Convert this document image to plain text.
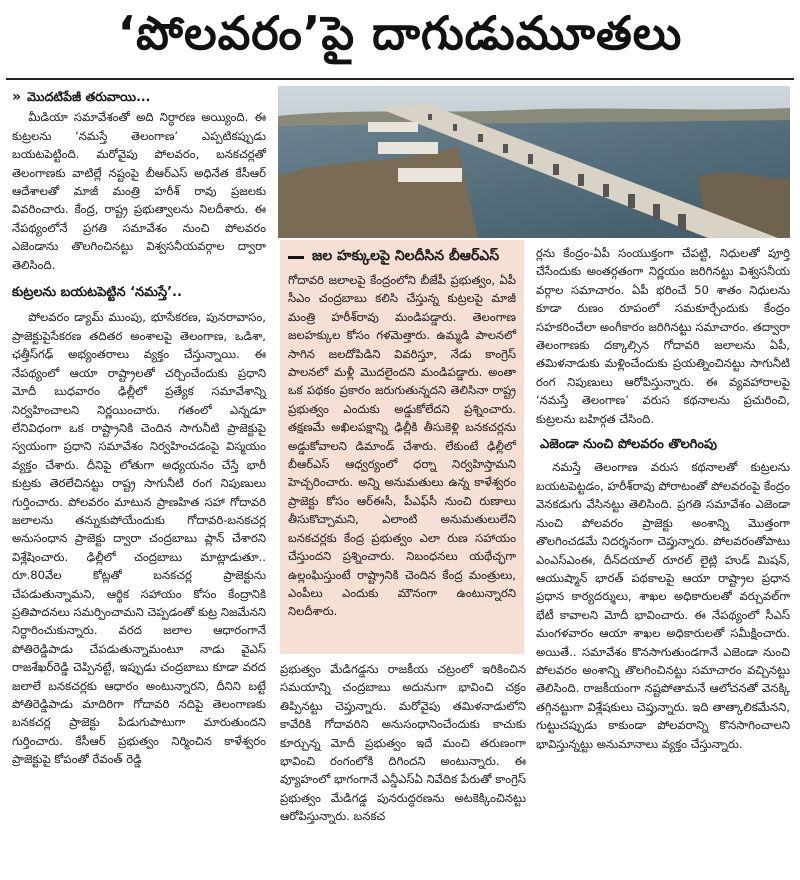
‘పోలవరం’పై దాగుడుమూతలు
» మొదటిపేజీ తరువాయి...

మీడియా సమావేశంతో అది నిర్ధారణ అయ్యింది. ఈ కుట్రలను ‘నమస్తే తెలంగాణ’ ఎప్పటికప్పుడు బయటపెట్టింది. మరోవైపు పోలవరం, బనకచర్లతో తెలంగాణకు వాటిల్లే నష్టంపై బీఆర్ఎస్ అధినేత కేసీఆర్ ఆదేశాలతో మాజీ మంత్రి హరీశ్ రావు ప్రజలకు వివరించారు. కేంద్ర, రాష్ట్ర ప్రభుత్వాలను నిలదీశారు. ఈ నేపథ్యంలోనే ప్రగతి సమావేశం నుంచి పోలవరం ఎజెండాను తొలగించినట్టు విశ్వసనీయవర్గాల ద్వారా తెలిసింది.

కుట్రలను బయటపెట్టిన ‘నమస్తే’..

పోలవరం డ్యామ్ ముంపు, భూసేకరణ, పునరావాసం, ప్రాజెక్టుపైసేకరణ తదితర అంశాలపై తెలంగాణ, ఒడిశా, ఛత్తీస్‌గఢ్ అభ్యంతరాలు వ్యక్తం చేస్తున్నాయి. ఈ నేపథ్యంలో ఆయా రాష్ట్రాలతో చర్చించేందుకు ప్రధాని మోదీ బుధవారం ఢిల్లీలో ప్రత్యేక సమావేశాన్ని నిర్వహించాలని నిర్ణయించారు. గతంలో ఎన్నడూ లేనివిధంగా ఒక రాష్ట్రానికి చెందిన సాగునీటి ప్రాజెక్టుపై స్వయంగా ప్రధాని సమావేశం నిర్వహించడంపై విస్మయం వ్యక్తం చేశారు. దీనిపై లోతుగా అధ్యయనం చేస్తే భారీ కుట్రకు తెరలేచినట్టు రాష్ట్ర సాగునీటి రంగ నిపుణులు గుర్తించారు. పోలవరం మాటున ప్రాణహిత సహా గోదావరి జలాలను తన్నుకుపోయేందుకు గోదావరి-బనకచర్ల అనుసంధాన ప్రాజెక్టు ద్వారా చంద్రబాబు ప్లాన్ చేశారని విశ్లేషించారు. ఢిల్లీలో చంద్రబాబు మాట్లాడుతూ.. రూ.80వేల కోట్లతో బనకచర్ల ప్రాజెక్టును చేపడుతున్నామని, ఆర్థిక సహాయం కోసం కేంద్రానికి ప్రతిపాదనలు సమర్పించామని చెప్పడంతో కుట్ర నిజమేనని నిర్ధారించుకున్నారు. వరద జలాల ఆధారంగానే పోతిరెడ్డిపాడు చేపడుతున్నామంటూ నాడు వైఎస్ రాజశేఖర్‌రెడ్డి చెప్పినట్టే, ఇప్పుడు చంద్రబాబు కూడా వరద జలాలే బనకచర్లకు ఆధారం అంటున్నారని, దీనిని బట్టే పోతిరెడ్డిపాడు మాదిరిగా గోదావరి నదిపై తెలంగాణకు బనకచర్ల ప్రాజెక్టు పిడుగుపాటుగా మారుతుందని గుర్తించారు. కేసీఆర్ ప్రభుత్వం నిర్మించిన కాళేశ్వరం ప్రాజెక్టుపై కోపంతో రేవంత్ రెడ్డి

జల హక్కులపై నిలదీసిన బీఆర్ఎస్
గోదావరి జలాలపై కేంద్రంలోని బీజేపీ ప్రభుత్వం, ఏపీ సీఎం చంద్రబాబు కలిసి చేస్తున్న కుట్రలపై మాజీ మంత్రి హరీశ్‌రావు మండిపడ్డారు. తెలంగాణ జలహక్కుల కోసం గళమెత్తారు. ఉమ్మడి పాలనలో సాగిన జలదోపిడిని వివరిస్తూ, నేడు కాంగ్రెస్ పాలనలో మళ్లీ మొదలైందని మండిపడ్డారు. అంతా ఒక పథకం ప్రకారం జరుగుతున్నదని తెలిసినా రాష్ట్ర ప్రభుత్వం ఎందుకు అడ్డుకోలేదని ప్రశ్నించారు. తక్షణమే అఖిలపక్షాన్ని ఢిల్లీకి తీసుకెళ్లి బనకచర్లను అడ్డుకోవాలని డిమాండ్ చేశారు. లేకుంటే ఢిల్లీలో బీఆర్ఎస్ ఆధ్వర్యంలో ధర్నా నిర్వహిస్తామని హెచ్చరించారు. అన్ని అనుమతులు ఉన్న కాళేశ్వరం ప్రాజెక్టు కోసం ఆర్ఈసీ, పీఎఫ్‌సీ నుంచి రుణాలు తీసుకొచ్చామని, ఎలాంటి అనుమతులులేని బనకచర్లకు కేంద్ర ప్రభుత్వం ఎలా రుణ సహాయం చేస్తుందని ప్రశ్నించారు. నిబంధనలు యథేచ్ఛగా ఉల్లంఘిస్తుంటే రాష్ట్రానికి చెందిన కేంద్ర మంత్రులు, ఎంపీలు ఎందుకు మౌనంగా ఉంటున్నారని నిలదీశారు.

ప్రభుత్వం మేడిగడ్డను రాజకీయ చట్రంలో ఇరికించిన సమయాన్ని చంద్రబాబు అదునుగా భావించి చక్రం తిప్పినట్టు చెప్తున్నారు. మరోవైపు తమిళనాడులోని కావేరికి గోదావరిని అనుసంధానించేందుకు కాచుకు కూర్చున్న మోదీ ప్రభుత్వం ఇదే మంచి తరుణంగా భావించి రంగంలోకి దిగిందని అంటున్నారు. ఈ వ్యూహంలో భాగంగానే ఎన్డీఎస్ఏ నివేదిక పేరుతో కాంగ్రెస్ ప్రభుత్వం మేడిగడ్డ పునరుద్ధరణను అటకెక్కించినట్టు ఆరోపిస్తున్నారు. బనకచ

ర్లను కేంద్రం-ఏపీ సంయుక్తంగా చేపట్టి, నిధులతో పూర్తి చేసేందుకు అంతర్గతంగా నిర్ణయం జరిగినట్టు విశ్వసనీయ వర్గాల సమాచారం. ఏపీ భరించే 50 శాతం నిధులను కూడా రుణం రూపంలో సమకూర్చేందుకు కేంద్రం సహకరించేలా అంగీకారం జరిగినట్టు సమాచారం. తద్వారా తెలంగాణకు దక్కాల్సిన గోదావరి జలాలను ఏపీ, తమిళనాడుకు మళ్లించేందుకు ప్రయత్నించినట్టు సాగునీటి రంగ నిపుణులు ఆరోపిస్తున్నారు. ఈ వ్యవహారాలపై ‘నమస్తే తెలంగాణ’ వరుస కథనాలను ప్రచురించి, కుట్రలను బహిర్గత చేసింది.

ఎజెండా నుంచి పోలవరం తొలగింపు

నమస్తే తెలంగాణ వరుస కథనాలతో కుట్రలను బయటపెట్టడం, హరీశ్‌రావు పోరాటంతో పోలవరంపై కేంద్రం వెనకడుగు వేసినట్టు తెలిసింది. ప్రగతి సమావేశం ఎజెండా నుంచి పోలవరం ప్రాజెక్టు అంశాన్ని మొత్తంగా తొలగించడమే నిదర్శనంగా చెప్తున్నారు. పోలవరంతోపాటు ఎంఎస్ఎంఈ, దీన్‌దయాల్ రూరల్ లైట్లి హుడ్ మిషన్, ఆయుష్మాన్ భారత్ పథకాలపై ఆయా రాష్ట్రాల ప్రధాన ప్రధాన కార్యదర్శులు, శాఖల అధికారులతో వర్చువల్‌గా భేటీ కావాలని మోదీ భావించారు. ఈ నేపథ్యంలో సీఎస్ మంగళవారం ఆయా శాఖల అధికారులతో సమీక్షించారు. అయితే.. సమావేశం కొనసాగుతుండగానే ఎజెండా నుంచి పోలవరం అంశాన్ని తొలగించినట్టు సమాచారం వచ్చినట్టు తెలిసింది. రాజకీయంగా నష్టపోతామనే ఆలోచనతో వెనక్కి తగ్గినట్టుగా విశ్లేషకులు చెప్తున్నారు. ఇది తాత్కాలికమేనని, గుట్టుచప్పుడు కాకుండా పోలవరాన్ని కొనసాగించాలని భావిస్తున్నట్టు అనుమానాలు వ్యక్తం చేస్తున్నారు.
